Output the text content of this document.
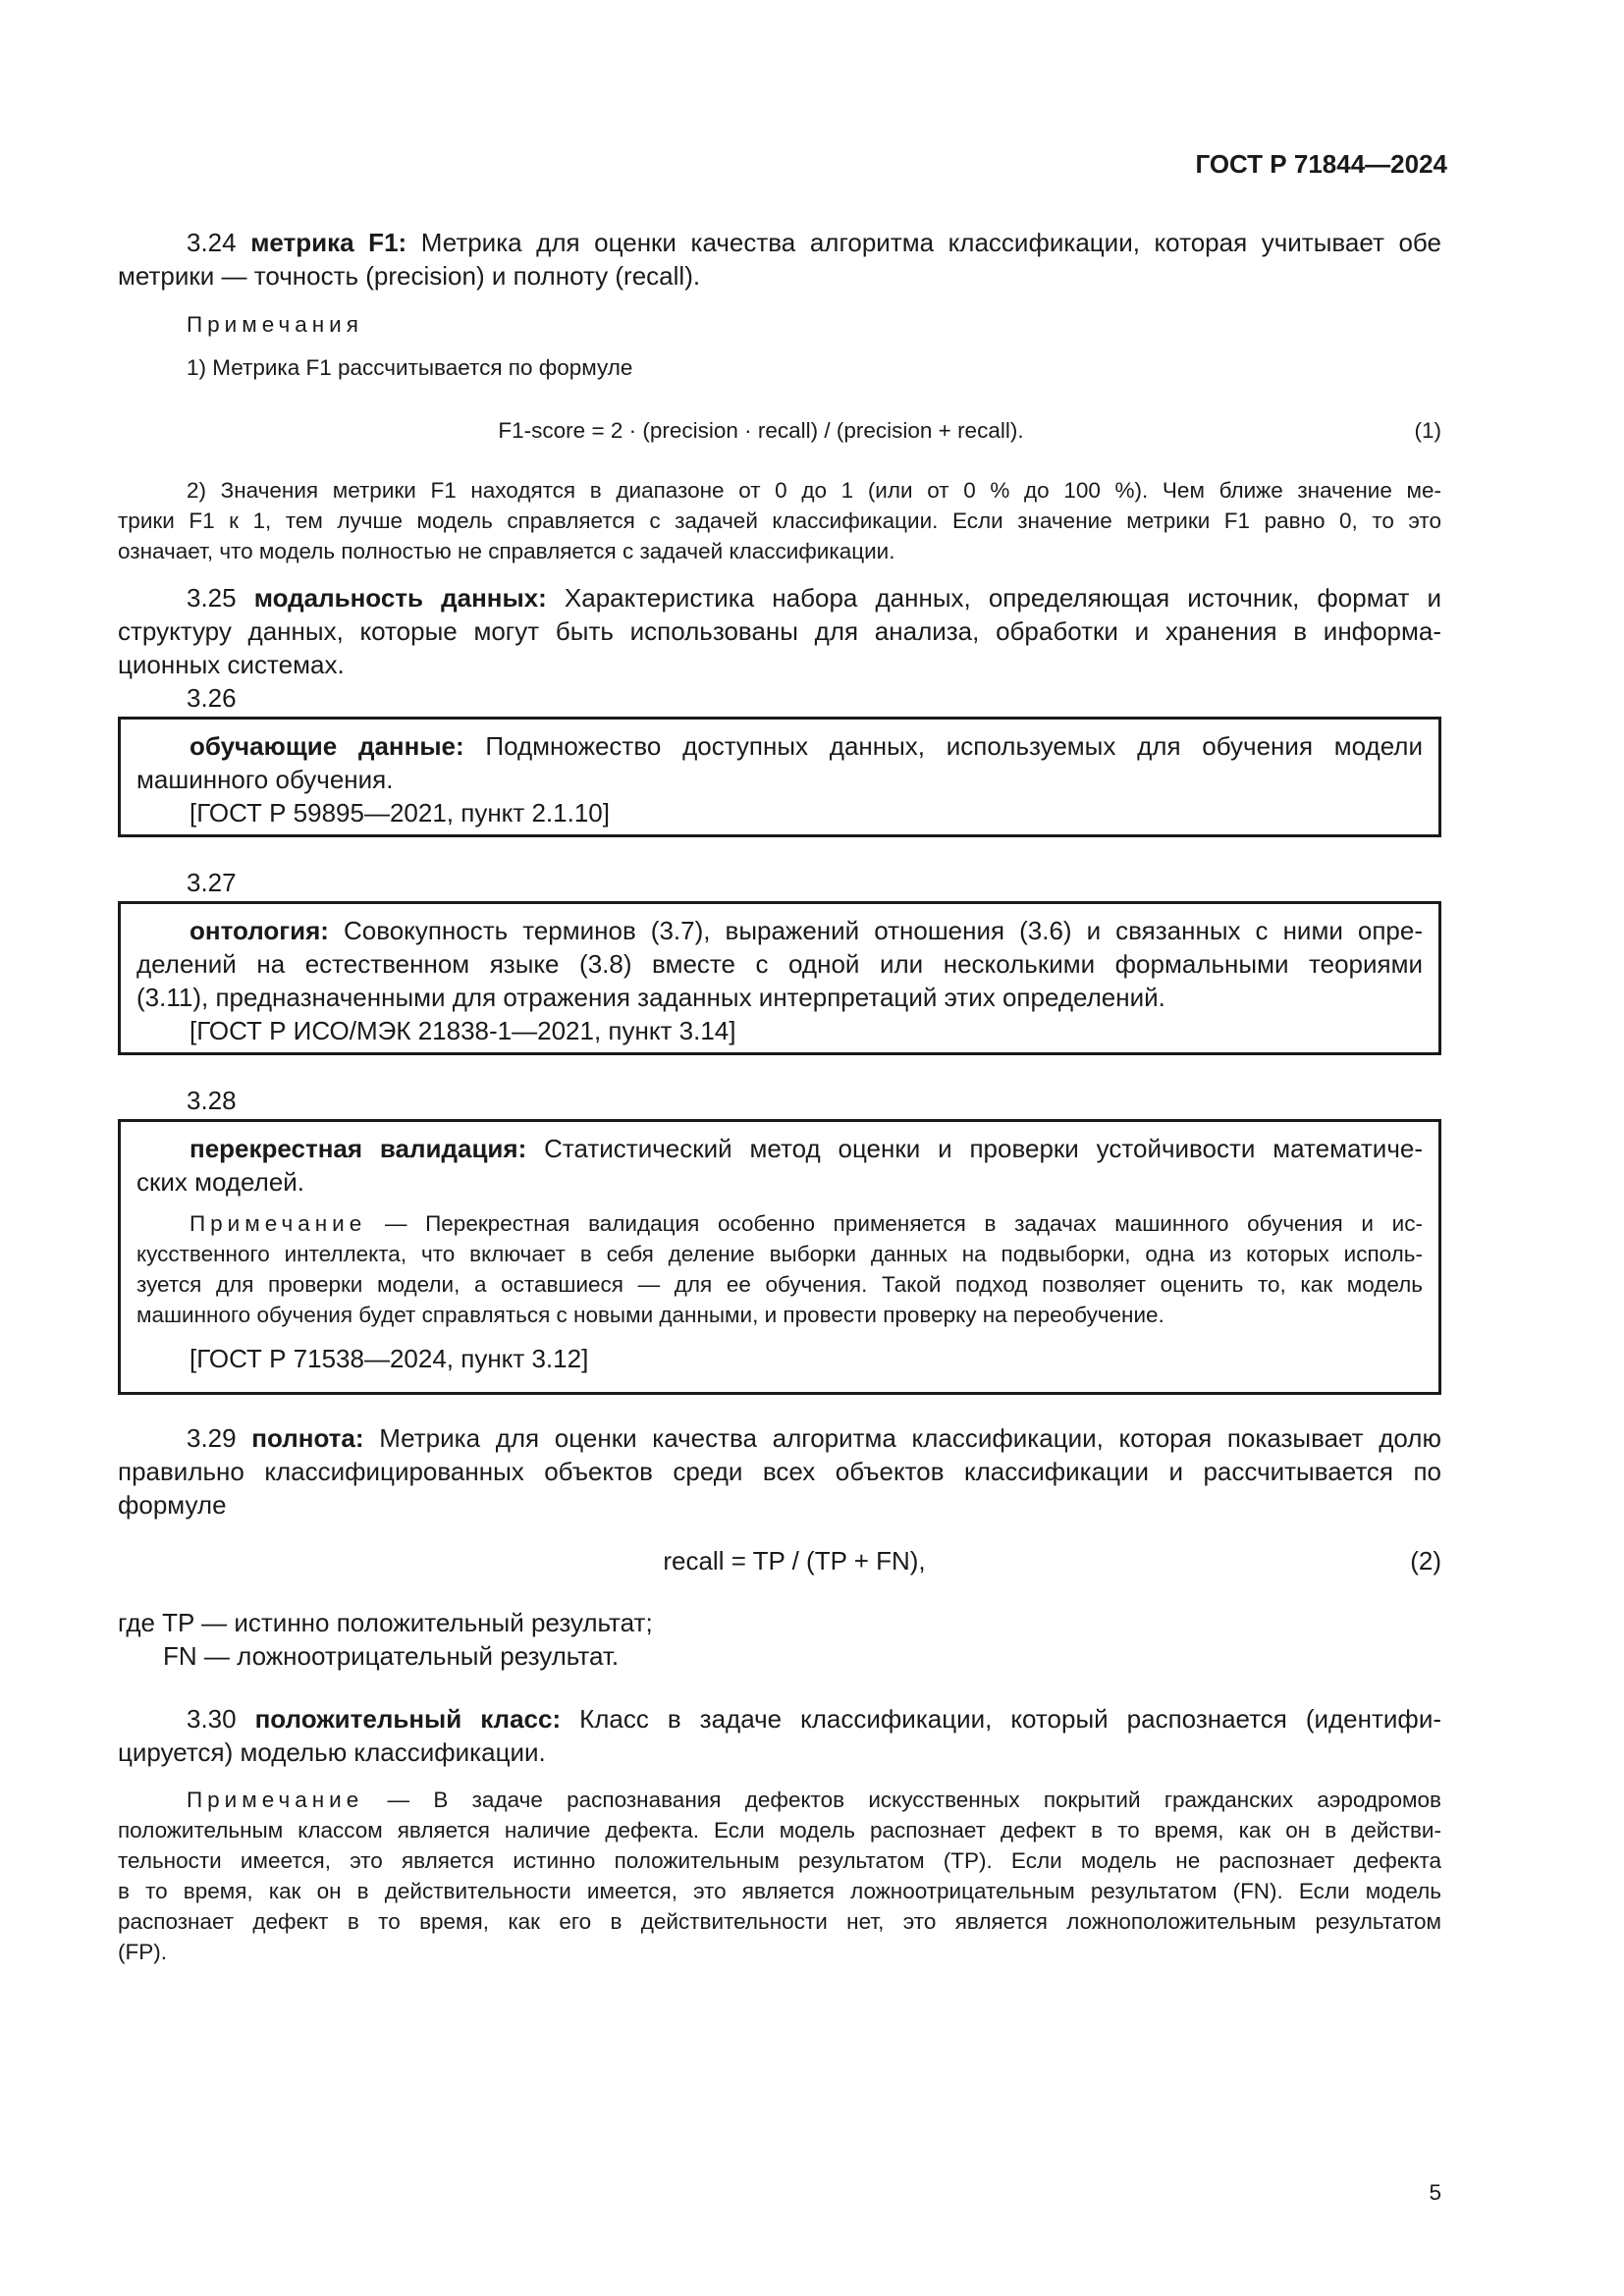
ГОСТ Р 71844—2024
3.24 метрика F1: Метрика для оценки качества алгоритма классификации, которая учитывает обе
метрики — точность (precision) и полноту (recall).
Примечания
1) Метрика F1 рассчитывается по формуле
F1-score = 2 · (precision · recall) / (precision + recall).	(1)
2) Значения метрики F1 находятся в диапазоне от 0 до 1 (или от 0 % до 100 %). Чем ближе значение ме-
трики F1 к 1, тем лучше модель справляется с задачей классификации. Если значение метрики F1 равно 0, то это
означает, что модель полностью не справляется с задачей классификации.
3.25 модальность данных: Характеристика набора данных, определяющая источник, формат и
структуру данных, которые могут быть использованы для анализа, обработки и хранения в информа-
ционных системах.
3.26
обучающие данные: Подмножество доступных данных, используемых для обучения модели
машинного обучения.
[ГОСТ Р 59895—2021, пункт 2.1.10]
3.27
онтология: Совокупность терминов (3.7), выражений отношения (3.6) и связанных с ними опре-
делений на естественном языке (3.8) вместе с одной или несколькими формальными теориями
(3.11), предназначенными для отражения заданных интерпретаций этих определений.
[ГОСТ Р ИСО/МЭК 21838-1—2021, пункт 3.14]
3.28
перекрестная валидация: Статистический метод оценки и проверки устойчивости математиче-
ских моделей.
Примечание — Перекрестная валидация особенно применяется в задачах машинного обучения и ис-
кусственного интеллекта, что включает в себя деление выборки данных на подвыборки, одна из которых исполь-
зуется для проверки модели, а оставшиеся — для ее обучения. Такой подход позволяет оценить то, как модель
машинного обучения будет справляться с новыми данными, и провести проверку на переобучение.
[ГОСТ Р 71538—2024, пункт 3.12]
3.29 полнота: Метрика для оценки качества алгоритма классификации, которая показывает долю
правильно классифицированных объектов среди всех объектов классификации и рассчитывается по
формуле
recall = TP / (TP + FN),	(2)
где TP — истинно положительный результат;
FN — ложноотрицательный результат.
3.30 положительный класс: Класс в задаче классификации, который распознается (идентифи-
цируется) моделью классификации.
Примечание — В задаче распознавания дефектов искусственных покрытий гражданских аэродромов
положительным классом является наличие дефекта. Если модель распознает дефект в то время, как он в действи-
тельности имеется, это является истинно положительным результатом (TP). Если модель не распознает дефекта
в то время, как он в действительности имеется, это является ложноотрицательным результатом (FN). Если модель
распознает дефект в то время, как его в действительности нет, это является ложноположительным результатом
(FP).
5
